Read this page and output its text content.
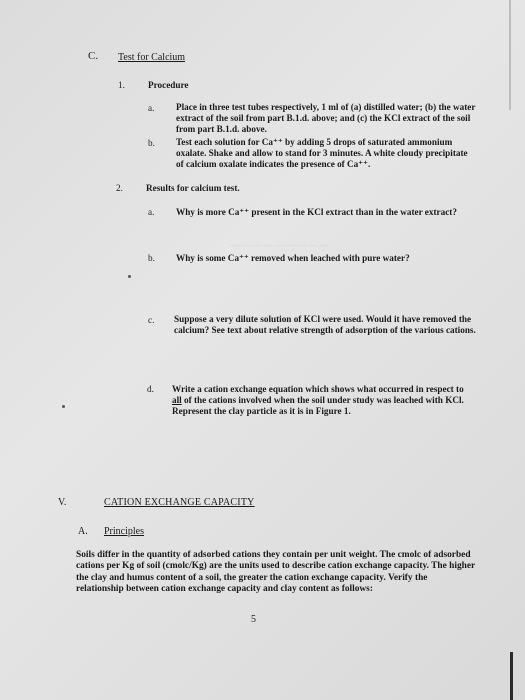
— — — — — — — — —
C. Test for Calcium
1.	Procedure
a. Place in three test tubes respectively, 1 ml of (a) distilled water; (b) the water extract of the soil from part B.1.d. above; and (c) the KCl extract of the soil from part B.1.d. above.
b. Test each solution for Ca⁺⁺ by adding 5 drops of saturated ammonium oxalate. Shake and allow to stand for 3 minutes. A white cloudy precipitate of calcium oxalate indicates the presence of Ca⁺⁺.
2.	Results for calcium test.
a. Why is more Ca⁺⁺ present in the KCl extract than in the water extract?
b. Why is some Ca⁺⁺ removed when leached with pure water?
c. Suppose a very dilute solution of KCl were used. Would it have removed the calcium? See text about relative strength of adsorption of the various cations.
d. Write a cation exchange equation which shows what occurred in respect to
all of the cations involved when the soil under study was leached with KCl.
Represent the clay particle as it is in Figure 1.
V.	CATION EXCHANGE CAPACITY
A. Principles
Soils differ in the quantity of adsorbed cations they contain per unit weight. The cmolc of adsorbed cations per Kg of soil (cmolc/Kg) are the units used to describe cation exchange capacity. The higher the clay and humus content of a soil, the greater the cation exchange capacity. Verify the relationship between cation exchange capacity and clay content as follows:
5
